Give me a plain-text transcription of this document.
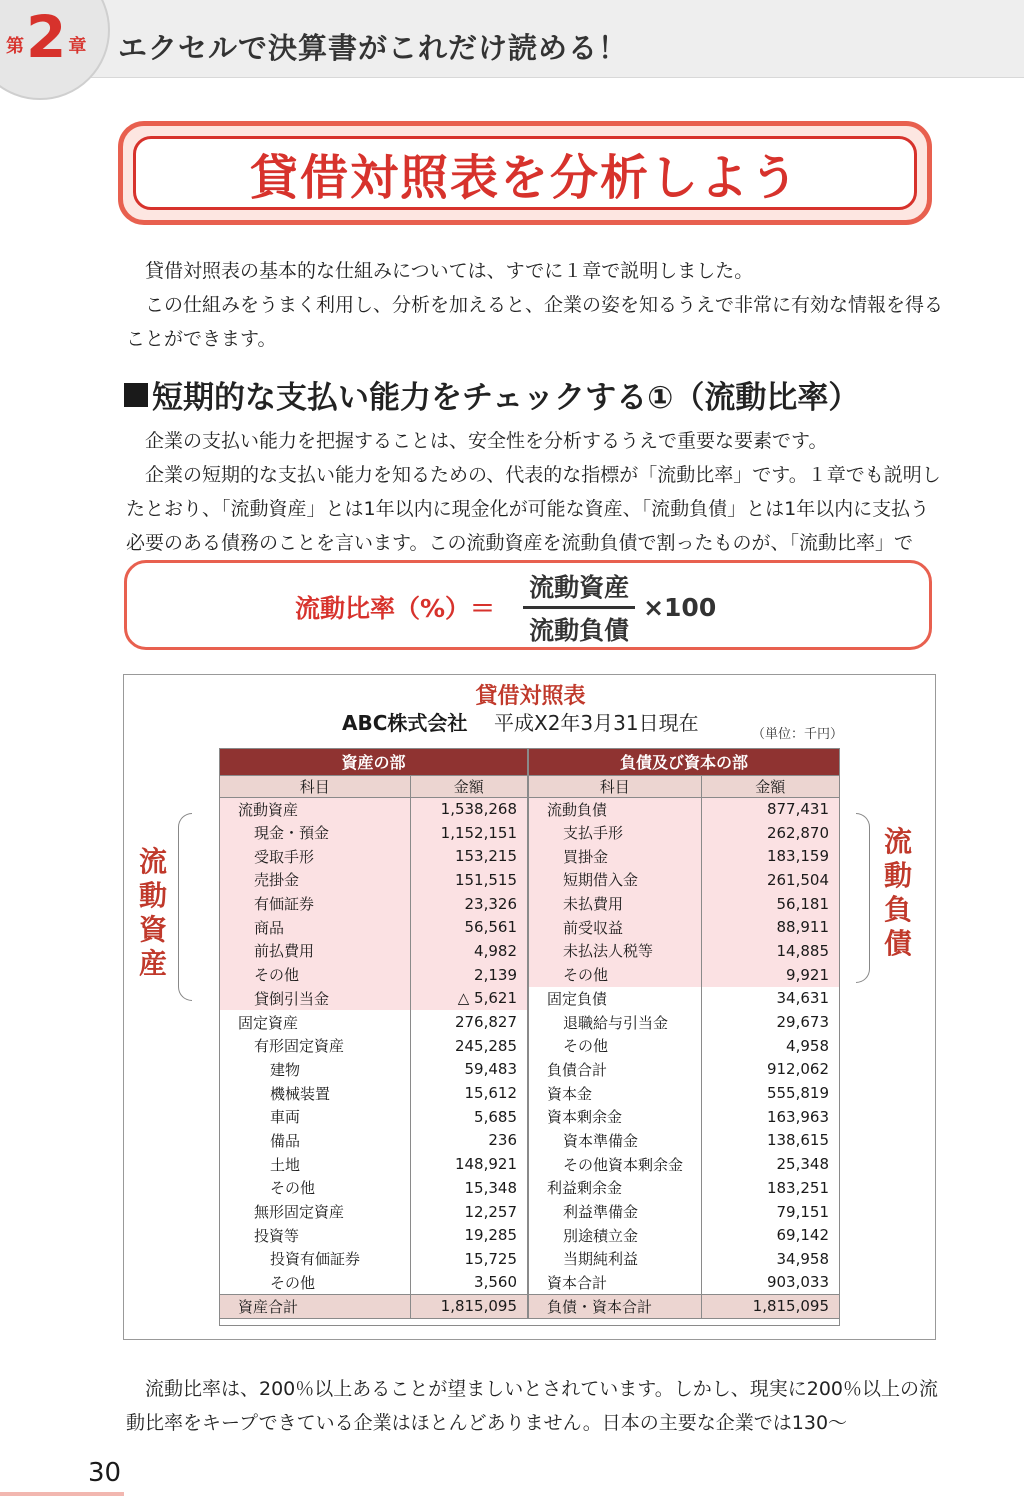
第 2 章 エクセルで決算書がこれだけ読める！
貸借対照表を分析しよう

貸借対照表の基本的な仕組みについては、すでに１章で説明しました。

この仕組みをうまく利用し、分析を加えると、企業の姿を知るうえで非常に有効な情報を得ることができます。

短期的な支払い能力をチェックする①（流動比率）

企業の支払い能力を把握することは、安全性を分析するうえで重要な要素です。

企業の短期的な支払い能力を知るための、代表的な指標が「流動比率」です。１章でも説明したとおり、「流動資産」とは1年以内に現金化が可能な資産、「流動負債」とは1年以内に支払う必要のある債務のことを言います。この流動資産を流動負債で割ったものが、「流動比率」で

流動比率（%）＝ $\frac{\text{流動資産}}{\text{流動負債}} \times 100$
貸借対照表
ABC株式会社 平成X2年3月31日現在	（単位：千円）
流
動
資
産
流
動
負
債
資産の部		負債及び資本の部	
科目	金額	科目	金額
流動資産	1,538,268	流動負債	877,431
現金・預金	1,152,151	支払手形	262,870
受取手形	153,215	買掛金	183,159
売掛金	151,515	短期借入金	261,504
有価証券	23,326	未払費用	56,181
商品	56,561	前受収益	88,911
前払費用	4,982	未払法人税等	14,885
その他	2,139	その他	9,921
貸倒引当金	△ 5,621	固定負債	34,631
固定資産	276,827	退職給与引当金	29,673
有形固定資産	245,285	その他	4,958
建物	59,483	負債合計	912,062
機械装置	15,612	資本金	555,819
車両	5,685	資本剰余金	163,963
備品	236	資本準備金	138,615
土地	148,921	その他資本剰余金	25,348
その他	15,348	利益剰余金	183,251
無形固定資産	12,257	利益準備金	79,151
投資等	19,285	別途積立金	69,142
投資有価証券	15,725	当期純利益	34,958
その他	3,560	資本合計	903,033
資産合計	1,815,095	負債・資本合計	1,815,095

流動比率は、200％以上あることが望ましいとされています。しかし、現実に200％以上の流動比率をキープできている企業はほとんどありません。日本の主要な企業では130〜

30
